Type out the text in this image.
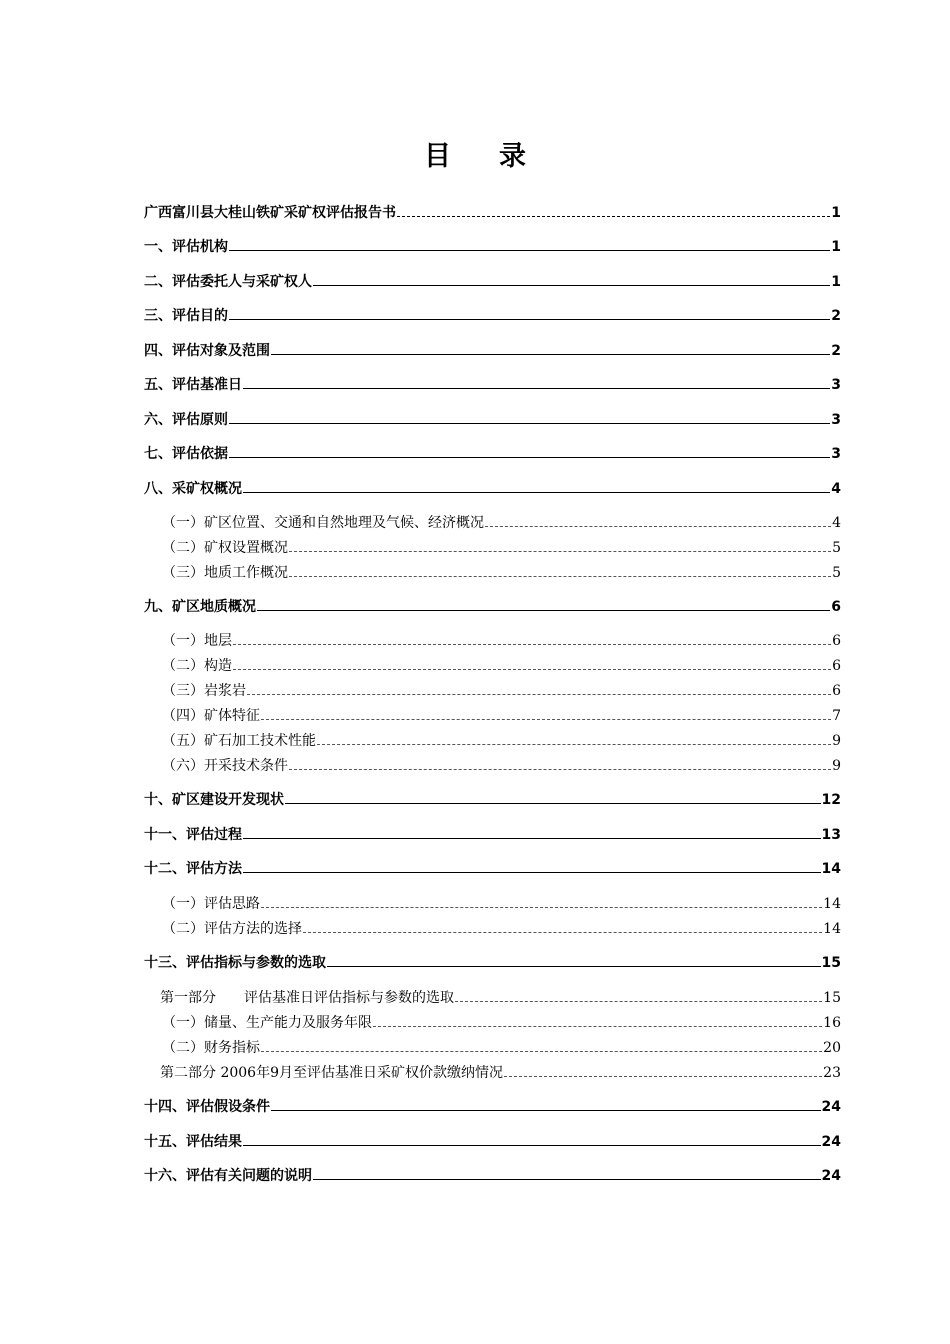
目 录
广西富川县大桂山铁矿采矿权评估报告书	1
一、评估机构	1
二、评估委托人与采矿权人	1
三、评估目的	2
四、评估对象及范围	2
五、评估基准日	3
六、评估原则	3
七、评估依据	3
八、采矿权概况	4
（一）矿区位置、交通和自然地理及气候、经济概况	4
（二）矿权设置概况	5
（三）地质工作概况	5
九、矿区地质概况	6
（一）地层	6
（二）构造	6
（三）岩浆岩	6
（四）矿体特征	7
（五）矿石加工技术性能	9
（六）开采技术条件	9
十、矿区建设开发现状	12
十一、评估过程	13
十二、评估方法	14
（一）评估思路	14
（二）评估方法的选择	14
十三、评估指标与参数的选取	15
第一部分　　评估基准日评估指标与参数的选取	15
（一）储量、生产能力及服务年限	16
（二）财务指标	20
第二部分 2006年9月至评估基准日采矿权价款缴纳情况	23
十四、评估假设条件	24
十五、评估结果	24
十六、评估有关问题的说明	24
